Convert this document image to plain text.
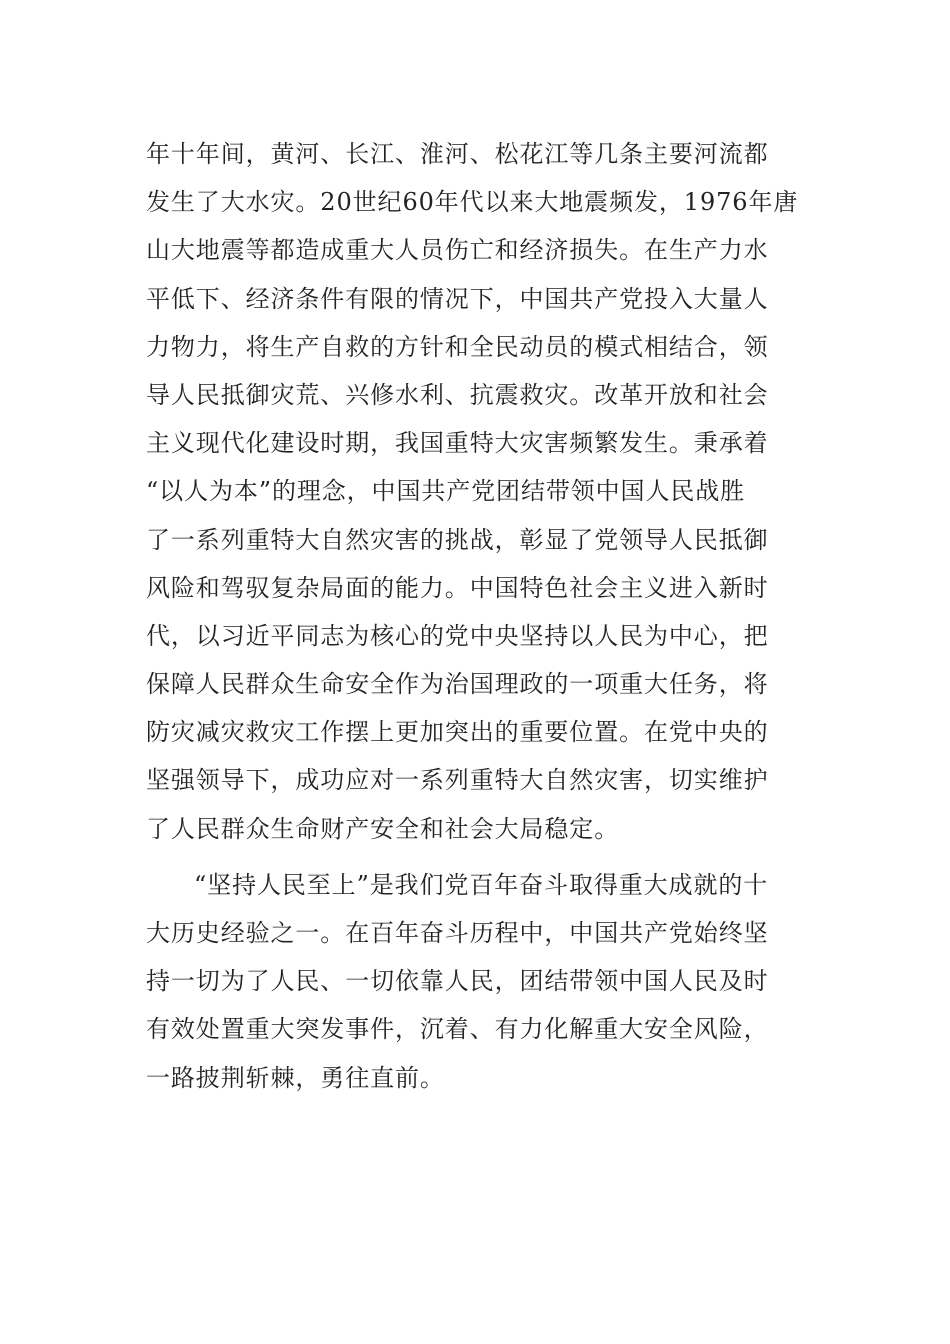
年十年间，黄河、长江、淮河、松花江等几条主要河流都
发生了大水灾。20世纪60年代以来大地震频发，1976年唐
山大地震等都造成重大人员伤亡和经济损失。在生产力水
平低下、经济条件有限的情况下，中国共产党投入大量人
力物力，将生产自救的方针和全民动员的模式相结合，领
导人民抵御灾荒、兴修水利、抗震救灾。改革开放和社会
主义现代化建设时期，我国重特大灾害频繁发生。秉承着
“以人为本”的理念，中国共产党团结带领中国人民战胜
了一系列重特大自然灾害的挑战，彰显了党领导人民抵御
风险和驾驭复杂局面的能力。中国特色社会主义进入新时
代，以习近平同志为核心的党中央坚持以人民为中心，把
保障人民群众生命安全作为治国理政的一项重大任务，将
防灾减灾救灾工作摆上更加突出的重要位置。在党中央的
坚强领导下，成功应对一系列重特大自然灾害，切实维护
了人民群众生命财产安全和社会大局稳定。
“坚持人民至上”是我们党百年奋斗取得重大成就的十
大历史经验之一。在百年奋斗历程中，中国共产党始终坚
持一切为了人民、一切依靠人民，团结带领中国人民及时
有效处置重大突发事件，沉着、有力化解重大安全风险，
一路披荆斩棘，勇往直前。
